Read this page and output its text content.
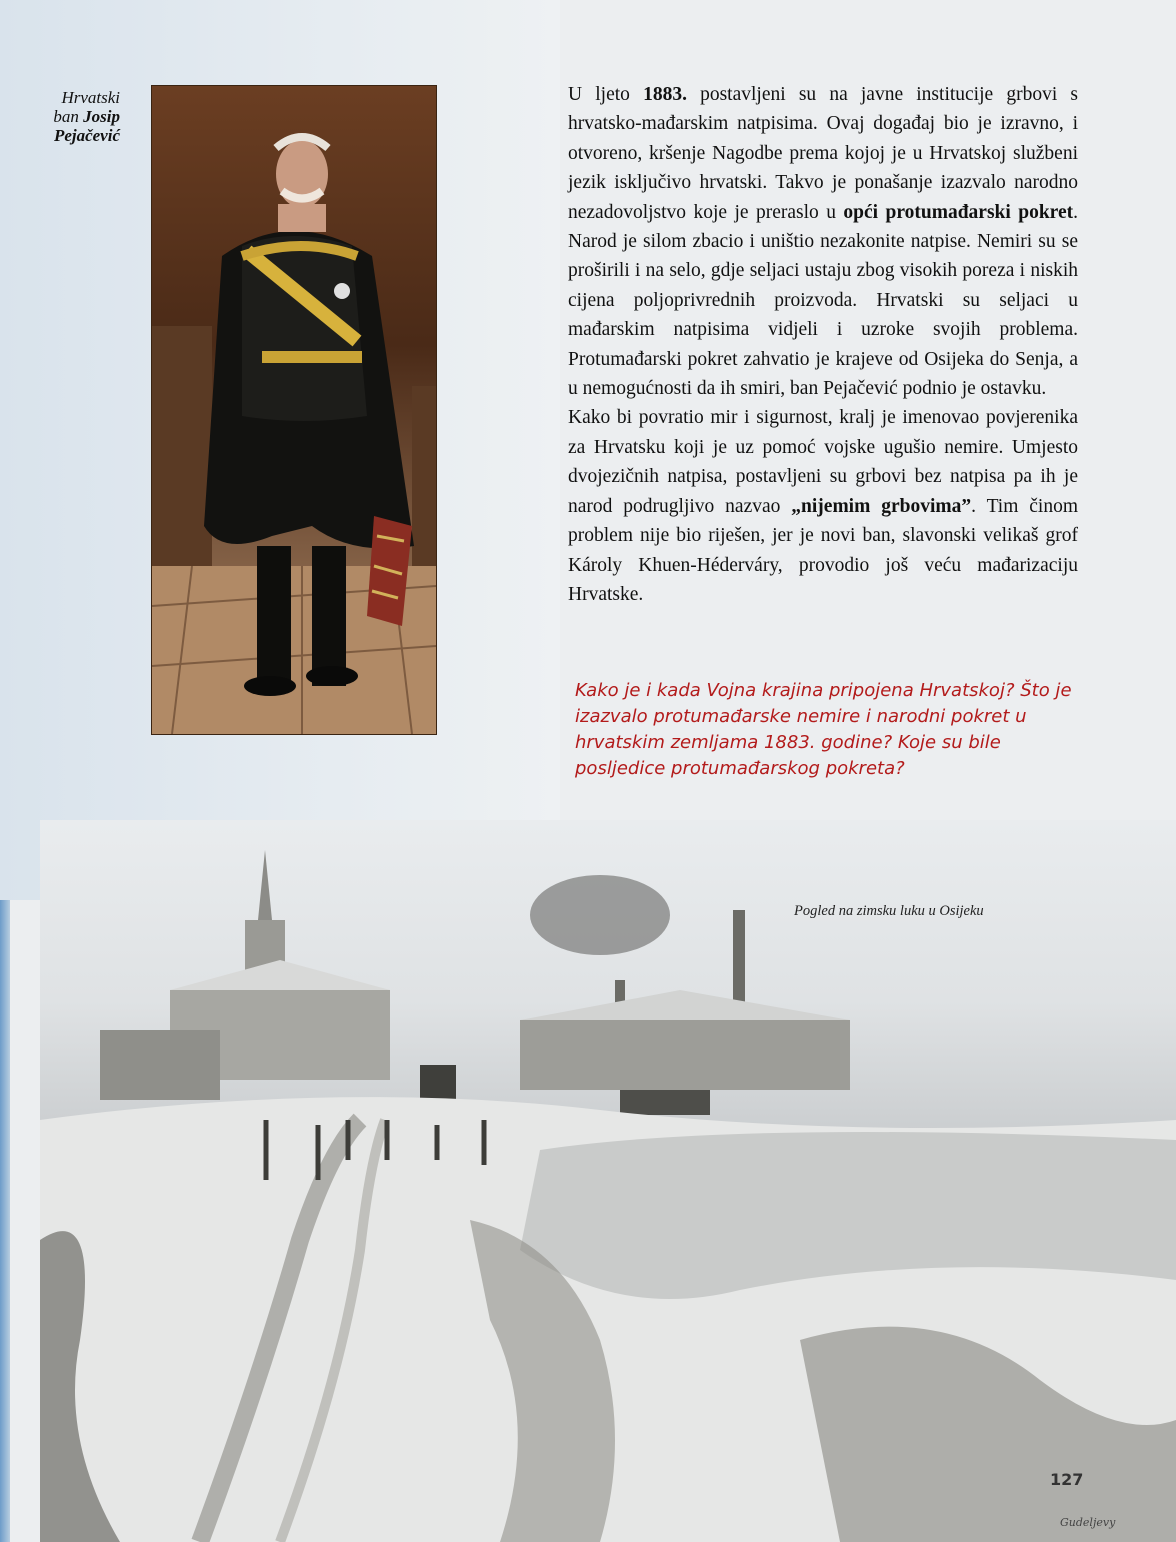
Hrvatski
ban Josip
Pejačević

U ljeto 1883. postavljeni su na javne institucije grbovi s hrvatsko-mađarskim natpisima. Ovaj događaj bio je izravno, i otvoreno, kršenje Nagodbe prema kojoj je u Hrvatskoj službeni jezik isključivo hrvatski. Takvo je ponašanje izazvalo narodno nezadovoljstvo koje je preraslo u opći protumađarski pokret. Narod je silom zbacio i uništio nezakonite natpise. Nemiri su se proširili i na selo, gdje seljaci ustaju zbog visokih poreza i niskih cijena poljoprivrednih proizvoda. Hrvatski su seljaci u mađarskim natpisima vidjeli i uzroke svojih problema. Protumađarski pokret zahvatio je krajeve od Osijeka do Senja, a u nemogućnosti da ih smiri, ban Pejačević podnio je ostavku.

Kako bi povratio mir i sigurnost, kralj je imenovao povjerenika za Hrvatsku koji je uz pomoć vojske ugušio nemire. Umjesto dvojezičnih natpisa, postavljeni su grbovi bez natpisa pa ih je narod podrugljivo nazvao „nijemim grbovima”. Tim činom problem nije bio riješen, jer je novi ban, slavonski velikaš grof Károly Khuen-Héderváry, provodio još veću mađarizaciju Hrvatske.

Kako je i kada Vojna krajina pripojena Hrvatskoj? Što je izazvalo protumađarske nemire i narodni pokret u hrvatskim zemljama 1883. godine? Koje su bile posljedice protumađarskog pokreta?
Pogled na zimsku luku u Osijeku
127
Gudeljevy
